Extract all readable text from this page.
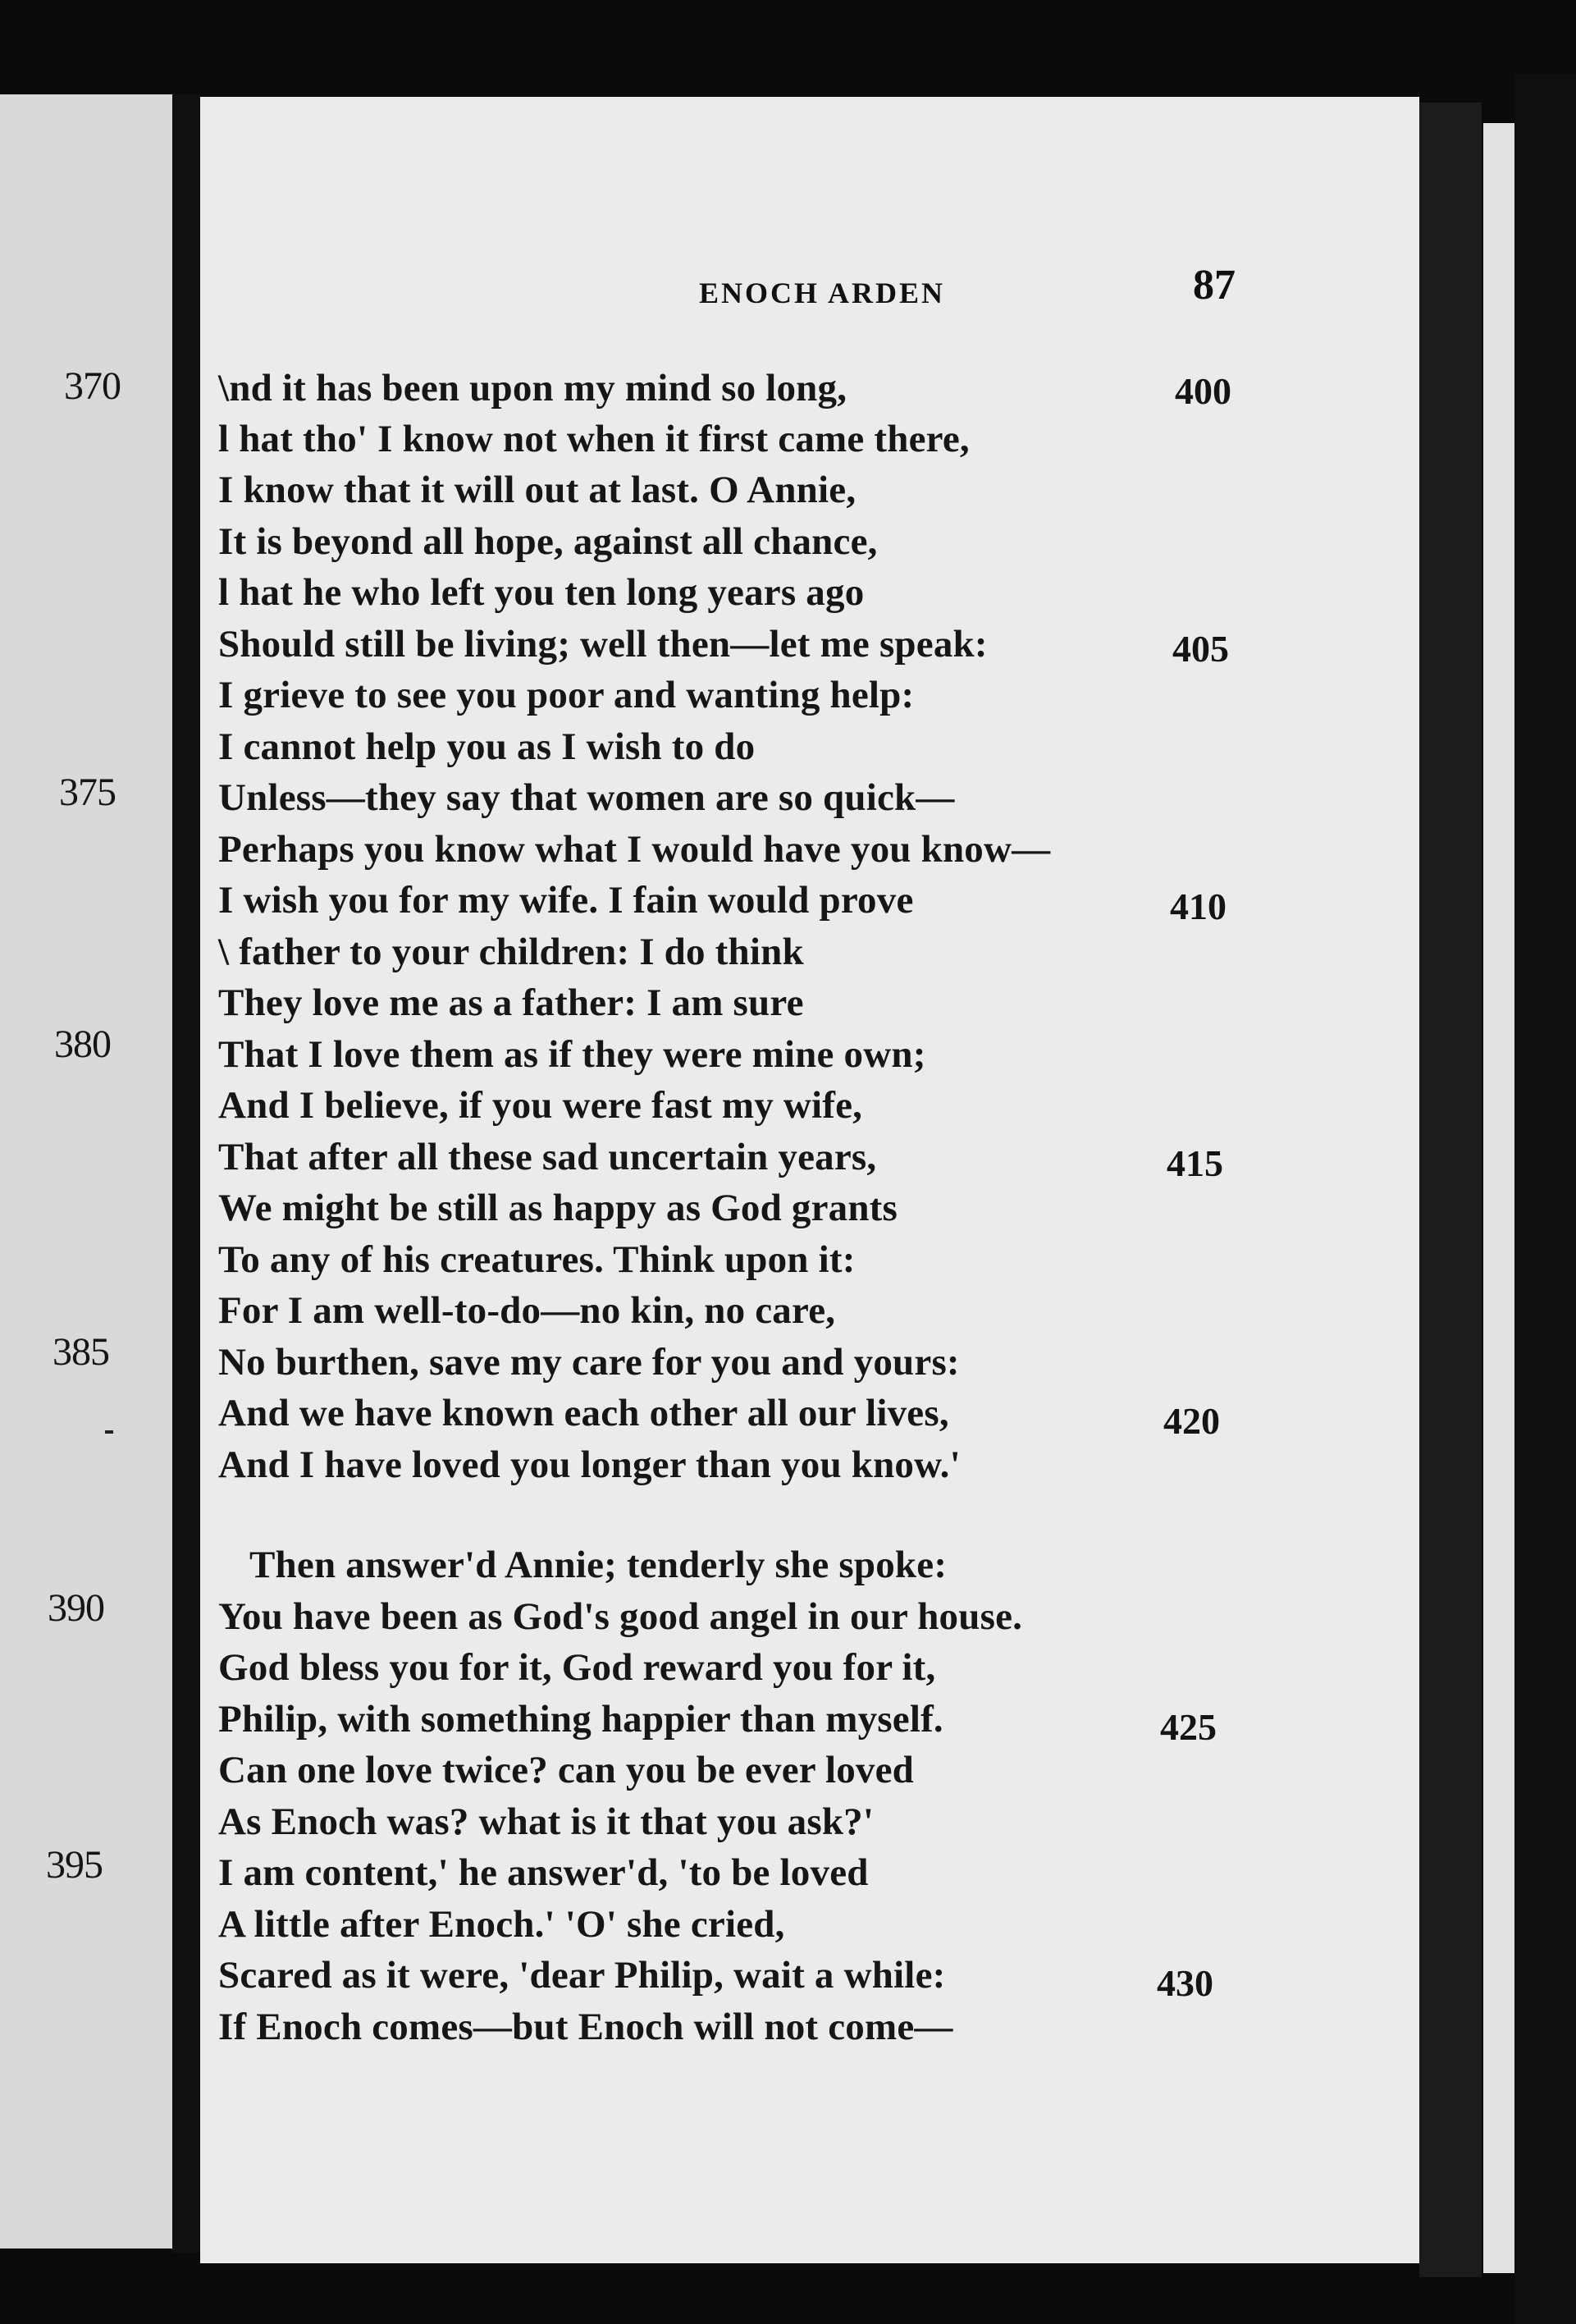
370
375
380
385
390
395
ENOCH ARDEN	87
\nd it has been upon my mind so long,
l hat tho' I know not when it first came there,
I know that it will out at last. O Annie,
It is beyond all hope, against all chance,
l hat he who left you ten long years ago
Should still be living; well then—let me speak:
I grieve to see you poor and wanting help:
I cannot help you as I wish to do
Unless—they say that women are so quick—
Perhaps you know what I would have you know—
I wish you for my wife. I fain would prove
\ father to your children: I do think
They love me as a father: I am sure
That I love them as if they were mine own;
And I believe, if you were fast my wife,
That after all these sad uncertain years,
We might be still as happy as God grants
To any of his creatures. Think upon it:
For I am well-to-do—no kin, no care,
No burthen, save my care for you and yours:
And we have known each other all our lives,
And I have loved you longer than you know.'
Then answer'd Annie; tenderly she spoke:
You have been as God's good angel in our house.
God bless you for it, God reward you for it,
Philip, with something happier than myself.
Can one love twice? can you be ever loved
As Enoch was? what is it that you ask?'
I am content,' he answer'd, 'to be loved
A little after Enoch.' 'O' she cried,
Scared as it were, 'dear Philip, wait a while:
If Enoch comes—but Enoch will not come—
400
405
410
415
420
425
430
